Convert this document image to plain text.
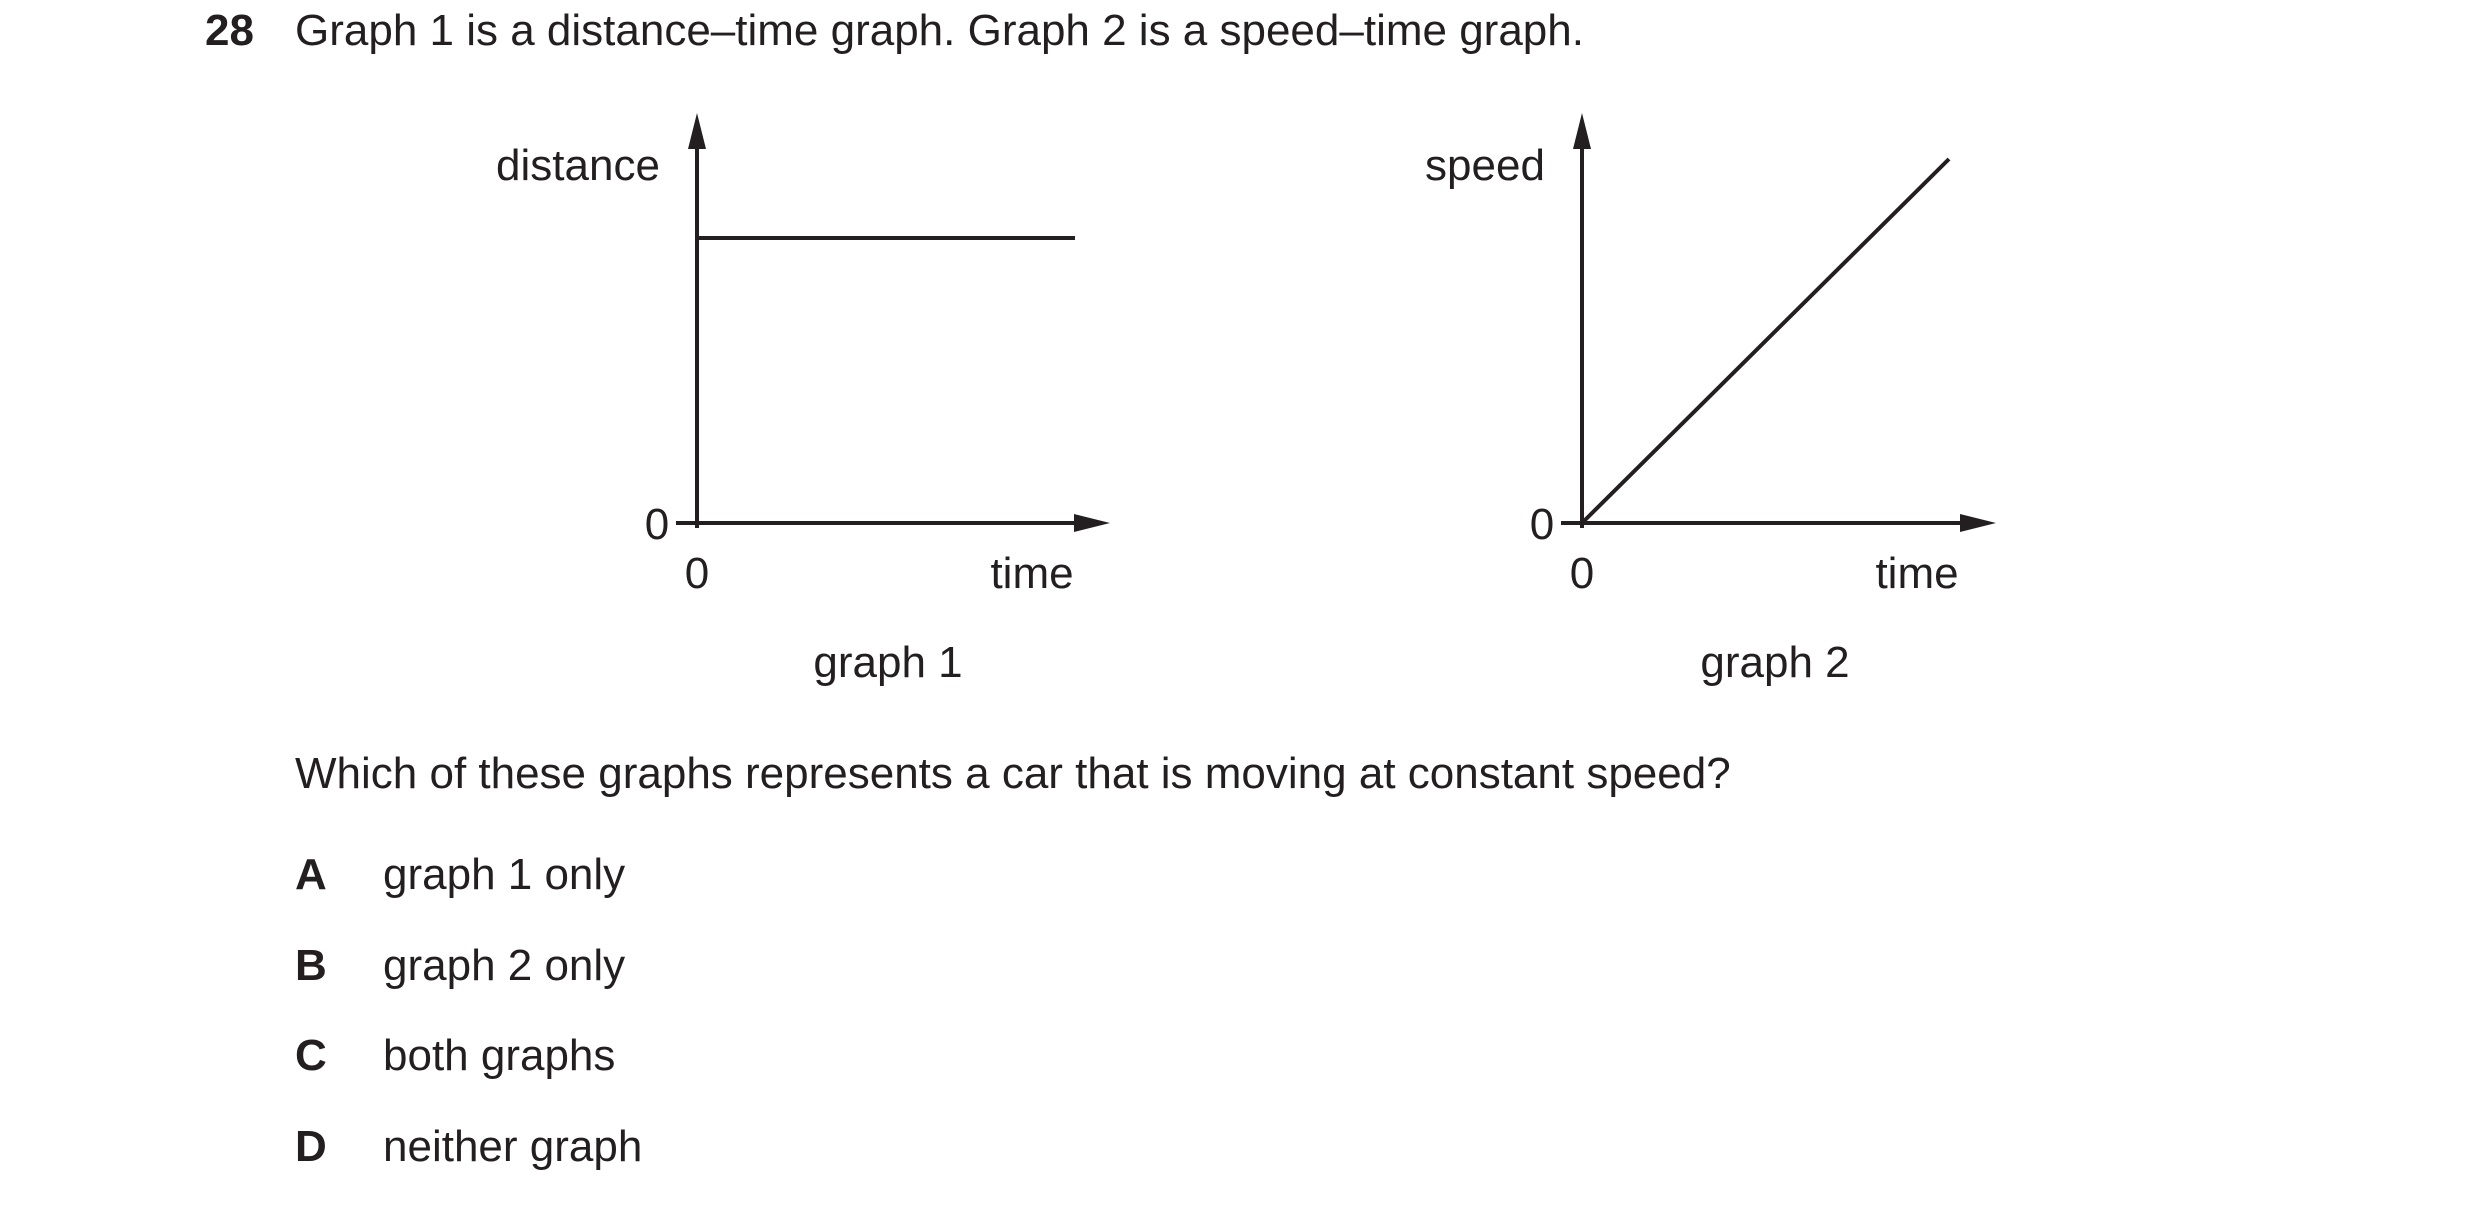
28 Graph 1 is a distance–time graph. Graph 2 is a speed–time graph.
distance
0
0	time
graph 1
speed
0
0	time
graph 2
Which of these graphs represents a car that is moving at constant speed?
A	graph 1 only
B	graph 2 only
C	both graphs
D	neither graph
